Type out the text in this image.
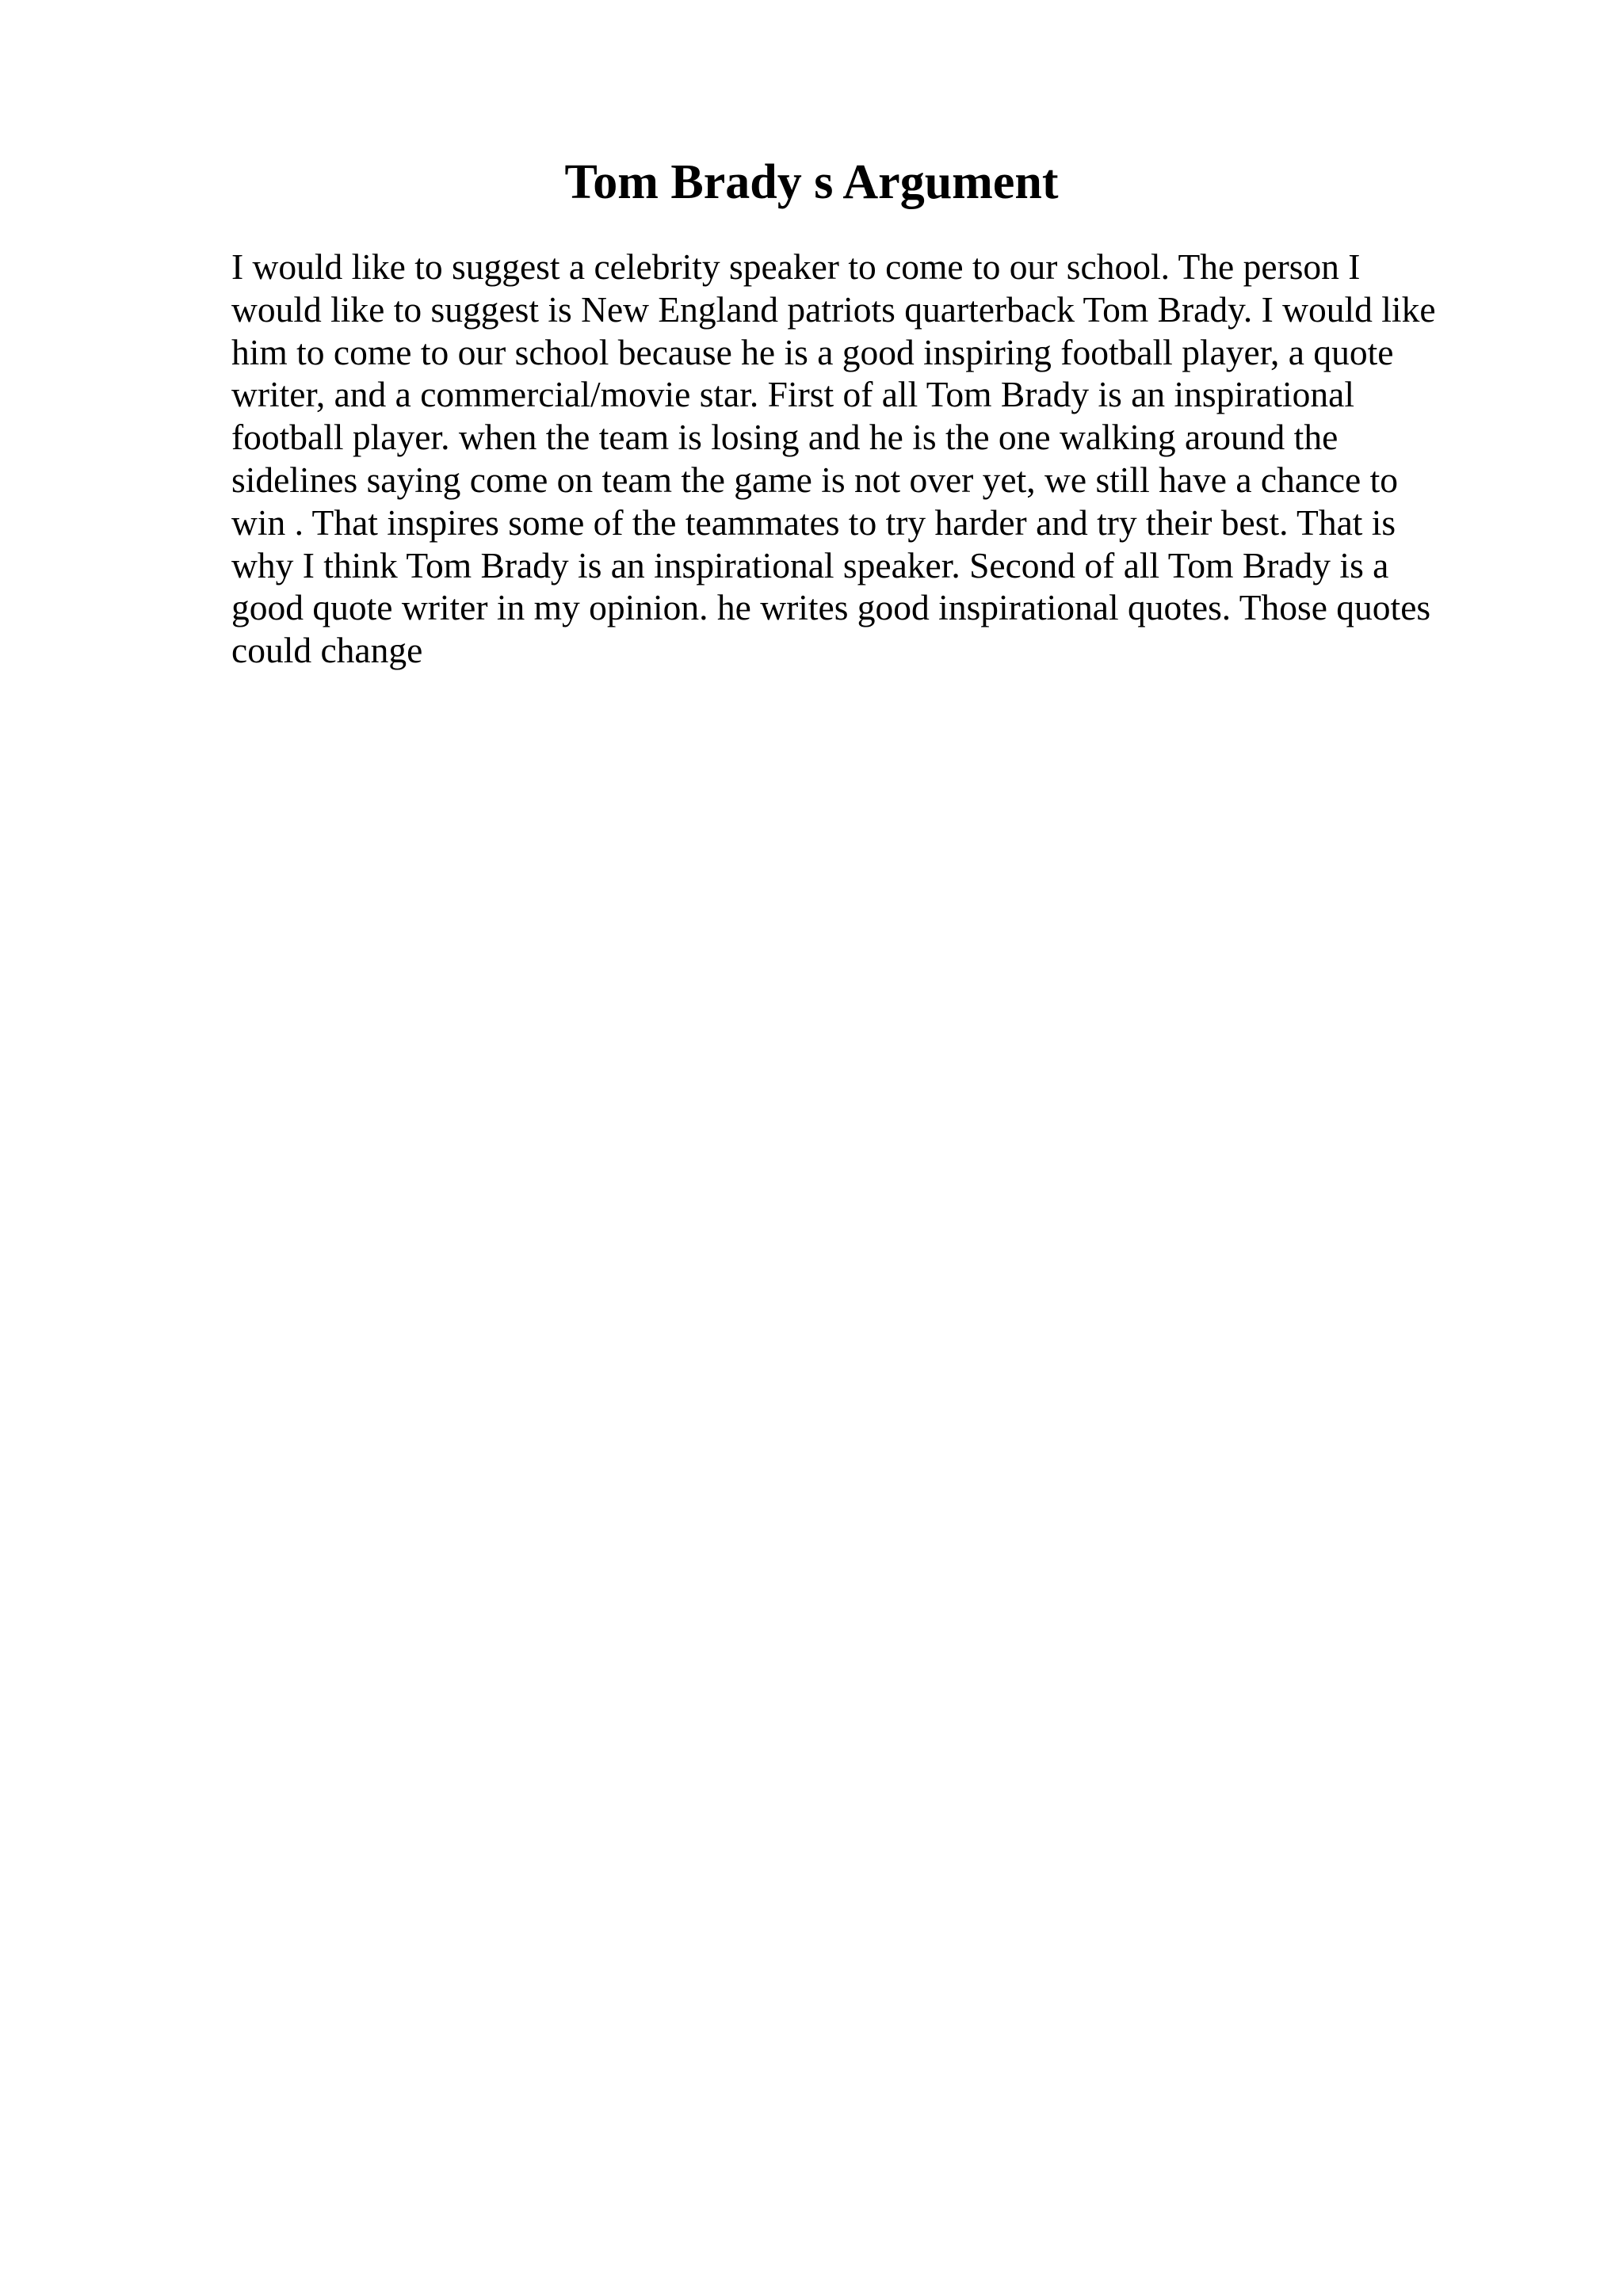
Tom Brady s Argument
I would like to suggest a celebrity speaker to come to our school. The person I
would like to suggest is New England patriots quarterback Tom Brady. I would like
him to come to our school because he is a good inspiring football player, a quote
writer, and a commercial/movie star. First of all Tom Brady is an inspirational
football player. when the team is losing and he is the one walking around the
sidelines saying come on team the game is not over yet, we still have a chance to
win . That inspires some of the teammates to try harder and try their best. That is
why I think Tom Brady is an inspirational speaker. Second of all Tom Brady is a
good quote writer in my opinion. he writes good inspirational quotes. Those quotes
could change
